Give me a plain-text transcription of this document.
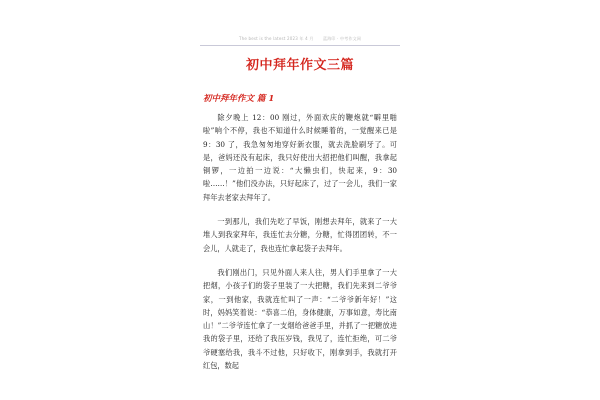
The best is the latest 2023 年 4 月 蓝海印 · 中考作文网
初中拜年作文三篇
初中拜年作文 篇 1

除夕晚上 12：00 刚过，外面欢庆的鞭炮就“噼里啪啦”响个不停，我也不知道什么时候睡着的，一觉醒来已是 9：30 了，我急匆匆地穿好新衣服，就去洗脸刷牙了。可是，爸妈还没有起床，我只好使出大招把他们叫醒，我拿起铜锣，一边拍一边说：“大懒虫们，快起来，9：30 啦……！”他们没办法，只好起床了，过了一会儿，我们一家拜年去老家去拜年了。

一到那儿，我们先吃了早饭，刚想去拜年，就来了一大堆人到我家拜年，我连忙去分糖，分糖，忙得团团转，不一会儿，人就走了，我也连忙拿起袋子去拜年。

我们刚出门，只见外面人来人往，男人们手里拿了一大把烟，小孩子们的袋子里装了一大把糖，我们先来到二爷爷家，一到他家，我就连忙叫了一声：“二爷爷新年好！”这时，妈妈笑着说：“恭喜二伯，身体健康，万事如意，寿比南山！”二爷爷连忙拿了一支烟给爸爸手里，并抓了一把糖放进我的袋子里，还给了我压岁钱，我见了，连忙拒绝，可二爷爷硬塞给我，我斗不过他，只好收下，刚拿到手，我就打开红包，数起
